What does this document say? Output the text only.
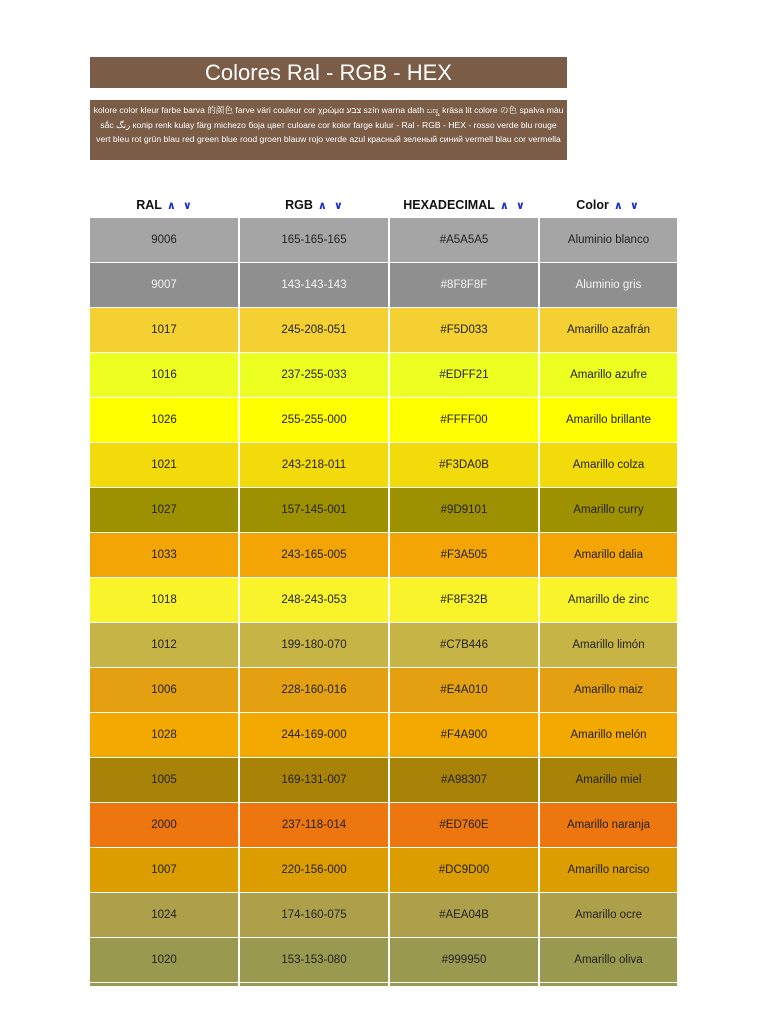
Colores Ral - RGB - HEX
kolore color kleur farbe barva 的颜色 farve väri couleur cor χρώμα צבע szín warna dath ಬಣ್ಣ krāsa lit colore の色 spalva màu sắc رنگ колір renk kulay färg michezo боja цвет culoare cor kolor farge kulur - Ral - RGB - HEX - rosso verde blu rouge vert bleu rot grün blau red green blue rood groen blauw rojo verde azul красный зеленый синий vermell blau cor vermella
RAL ∧ ∨	RGB ∧ ∨	HEXADECIMAL ∧ ∨	Color ∧ ∨
9006	165-165-165	#A5A5A5	Aluminio blanco
9007	143-143-143	#8F8F8F	Aluminio gris
1017	245-208-051	#F5D033	Amarillo azafrán
1016	237-255-033	#EDFF21	Amarillo azufre
1026	255-255-000	#FFFF00	Amarillo brillante
1021	243-218-011	#F3DA0B	Amarillo colza
1027	157-145-001	#9D9101	Amarillo curry
1033	243-165-005	#F3A505	Amarillo dalia
1018	248-243-053	#F8F32B	Amarillo de zinc
1012	199-180-070	#C7B446	Amarillo limón
1006	228-160-016	#E4A010	Amarillo maiz
1028	244-169-000	#F4A900	Amarillo melón
1005	169-131-007	#A98307	Amarillo miel
2000	237-118-014	#ED760E	Amarillo naranja
1007	220-156-000	#DC9D00	Amarillo narciso
1024	174-160-075	#AEA04B	Amarillo ocre
1020	153-153-080	#999950	Amarillo oliva
